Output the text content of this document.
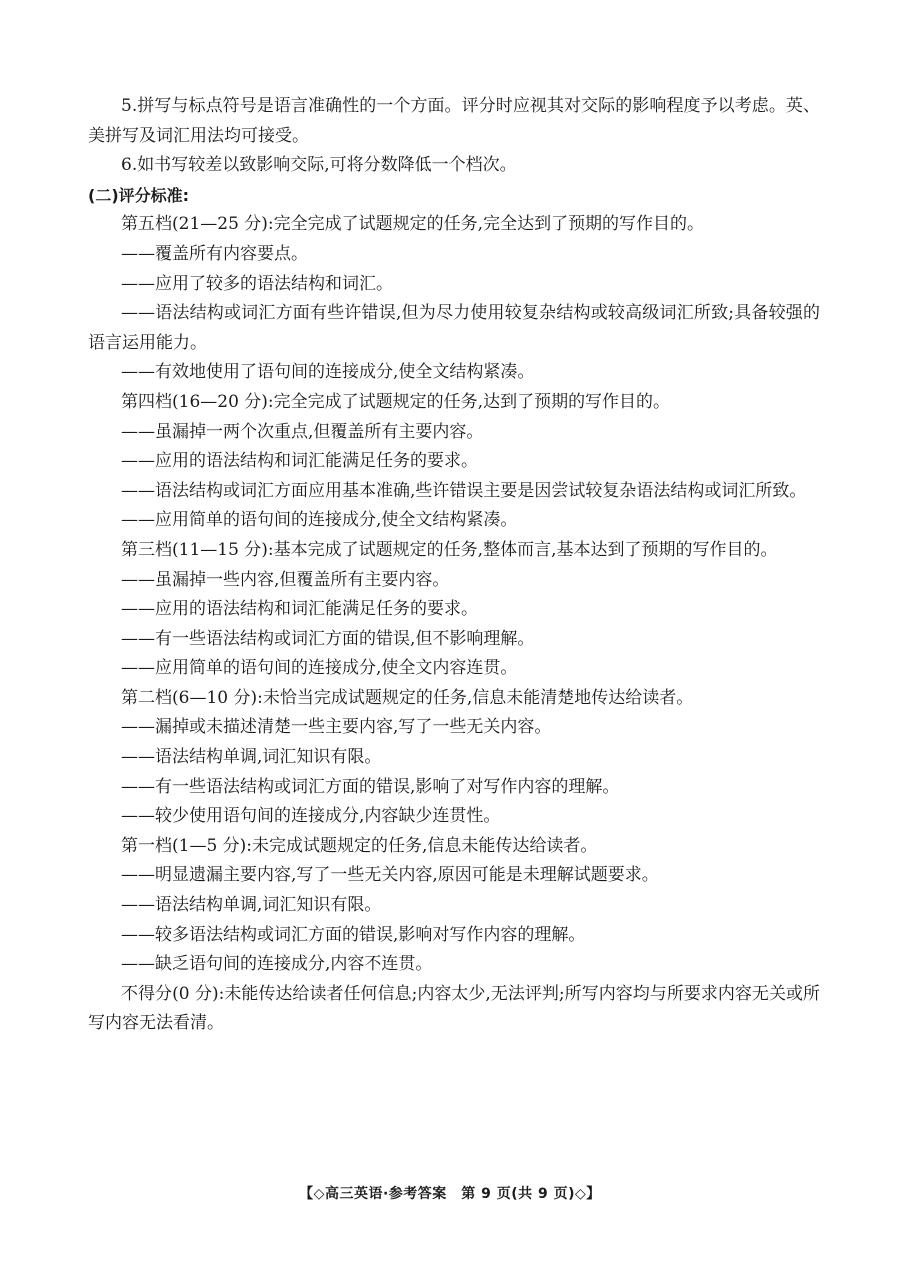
5.拼写与标点符号是语言准确性的一个方面。评分时应视其对交际的影响程度予以考虑。英、美拼写及词汇用法均可接受。

6.如书写较差以致影响交际,可将分数降低一个档次。

(二)评分标准:

第五档(21—25 分):完全完成了试题规定的任务,完全达到了预期的写作目的。

——覆盖所有内容要点。

——应用了较多的语法结构和词汇。

——语法结构或词汇方面有些许错误,但为尽力使用较复杂结构或较高级词汇所致;具备较强的语言运用能力。

——有效地使用了语句间的连接成分,使全文结构紧凑。

第四档(16—20 分):完全完成了试题规定的任务,达到了预期的写作目的。

——虽漏掉一两个次重点,但覆盖所有主要内容。

——应用的语法结构和词汇能满足任务的要求。

——语法结构或词汇方面应用基本准确,些许错误主要是因尝试较复杂语法结构或词汇所致。

——应用简单的语句间的连接成分,使全文结构紧凑。

第三档(11—15 分):基本完成了试题规定的任务,整体而言,基本达到了预期的写作目的。

——虽漏掉一些内容,但覆盖所有主要内容。

——应用的语法结构和词汇能满足任务的要求。

——有一些语法结构或词汇方面的错误,但不影响理解。

——应用简单的语句间的连接成分,使全文内容连贯。

第二档(6—10 分):未恰当完成试题规定的任务,信息未能清楚地传达给读者。

——漏掉或未描述清楚一些主要内容,写了一些无关内容。

——语法结构单调,词汇知识有限。

——有一些语法结构或词汇方面的错误,影响了对写作内容的理解。

——较少使用语句间的连接成分,内容缺少连贯性。

第一档(1—5 分):未完成试题规定的任务,信息未能传达给读者。

——明显遗漏主要内容,写了一些无关内容,原因可能是未理解试题要求。

——语法结构单调,词汇知识有限。

——较多语法结构或词汇方面的错误,影响对写作内容的理解。

——缺乏语句间的连接成分,内容不连贯。

不得分(0 分):未能传达给读者任何信息;内容太少,无法评判;所写内容均与所要求内容无关或所写内容无法看清。

【◇高三英语·参考答案　第 9 页(共 9 页)◇】
